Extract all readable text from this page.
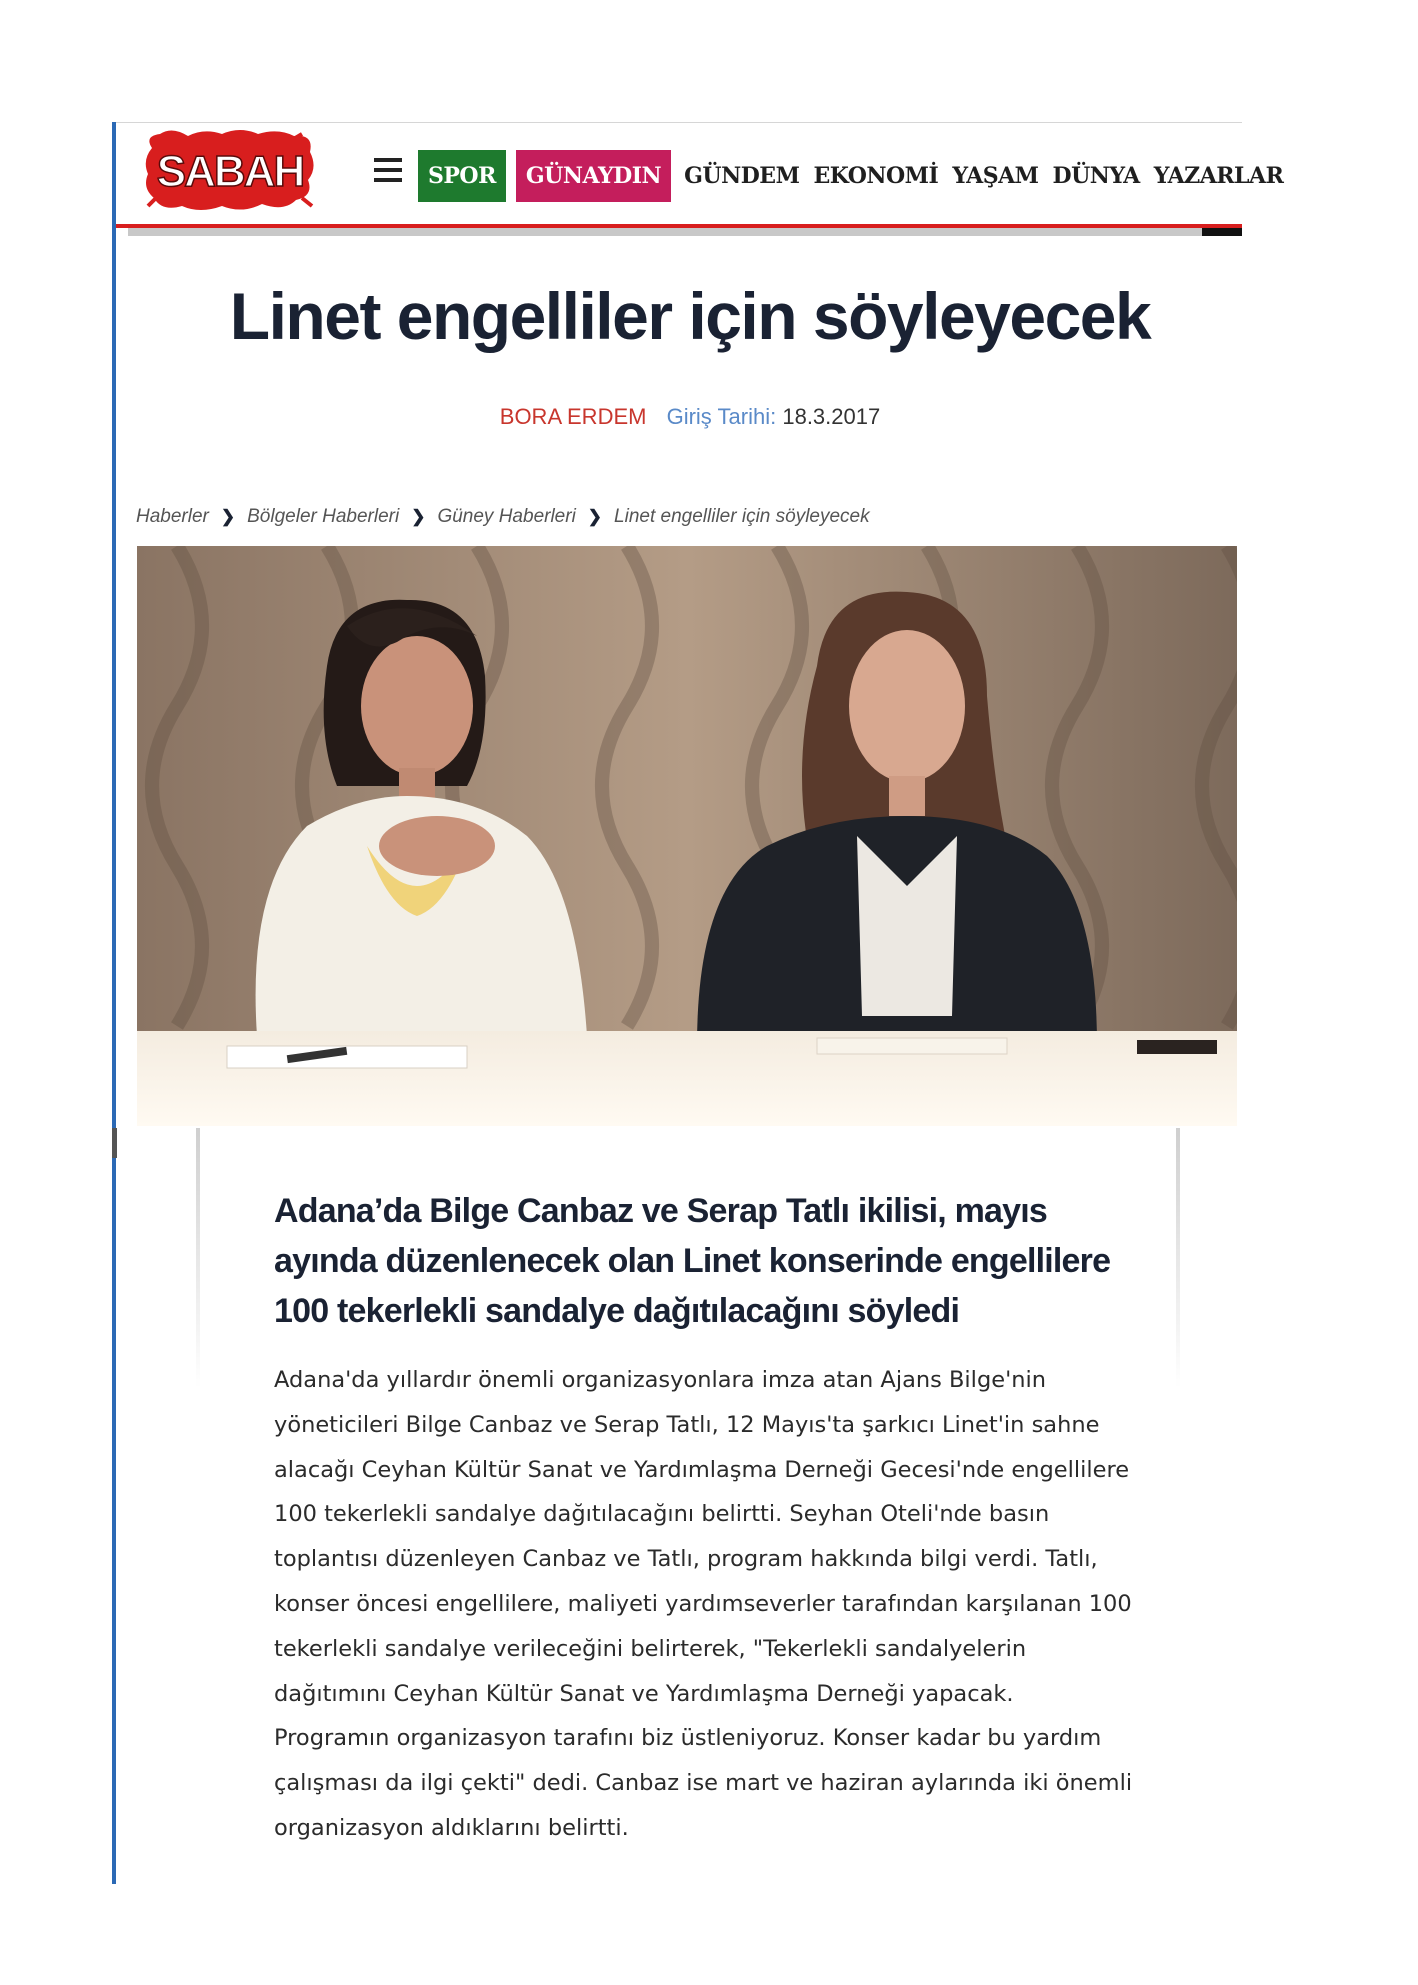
SABAH	SPOR	GÜNAYDIN	GÜNDEM EKONOMİ YAŞAM DÜNYA YAZARLAR
Linet engelliler için söyleyecek
BORA ERDEM Giriş Tarihi: 18.3.2017
Haberler ❯ Bölgeler Haberleri ❯ Güney Haberleri ❯ Linet engelliler için söyleyecek
Adana’da Bilge Canbaz ve Serap Tatlı ikilisi, mayıs ayında düzenlenecek olan Linet konserinde engellilere 100 tekerlekli sandalye dağıtılacağını söyledi

Adana'da yıllardır önemli organizasyonlara imza atan Ajans Bilge'nin yöneticileri Bilge Canbaz ve Serap Tatlı, 12 Mayıs'ta şarkıcı Linet'in sahne alacağı Ceyhan Kültür Sanat ve Yardımlaşma Derneği Gecesi'nde engellilere 100 tekerlekli sandalye dağıtılacağını belirtti. Seyhan Oteli'nde basın toplantısı düzenleyen Canbaz ve Tatlı, program hakkında bilgi verdi. Tatlı, konser öncesi engellilere, maliyeti yardımseverler tarafından karşılanan 100 tekerlekli sandalye verileceğini belirterek, "Tekerlekli sandalyelerin dağıtımını Ceyhan Kültür Sanat ve Yardımlaşma Derneği yapacak. Programın organizasyon tarafını biz üstleniyoruz. Konser kadar bu yardım çalışması da ilgi çekti" dedi. Canbaz ise mart ve haziran aylarında iki önemli organizasyon aldıklarını belirtti.
